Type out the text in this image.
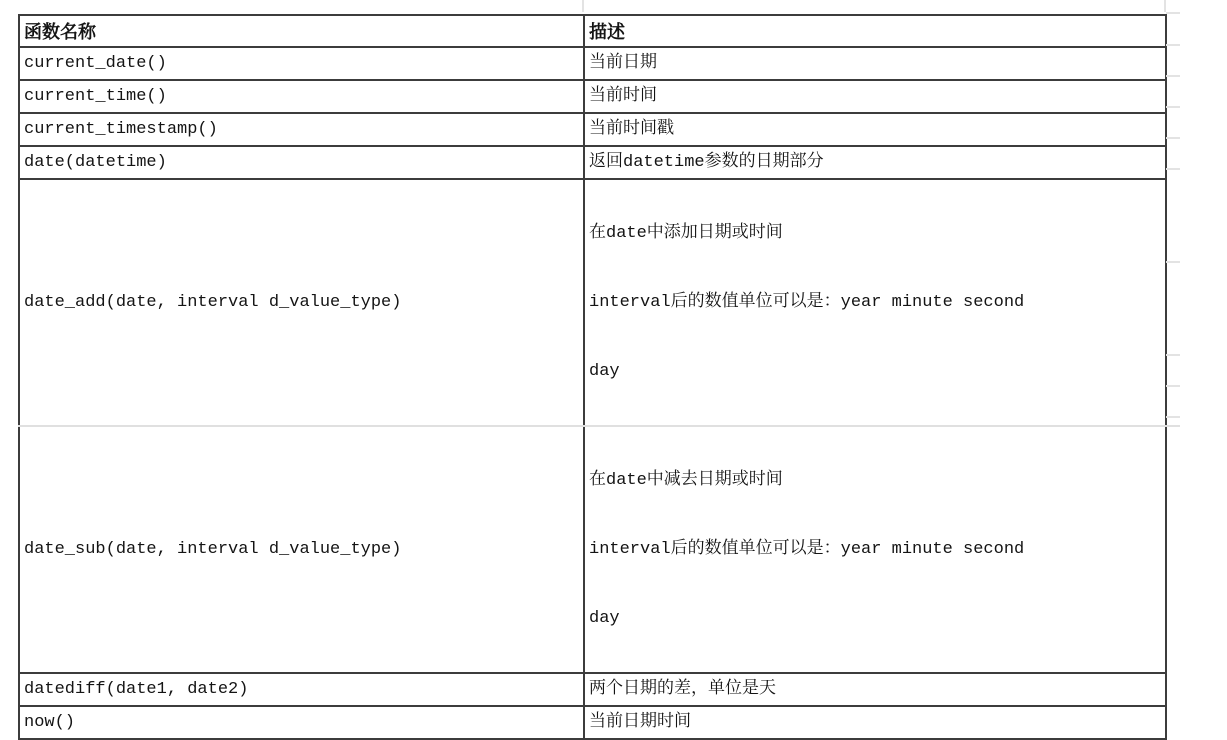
函数名称	描述
current_date()	当前日期

current_time()	当前时间

current_timestamp()	当前时间戳

date(datetime)	返回datetime参数的日期部分

date_add(date, interval d_value_type)	在date中添加日期或时间

interval后的数值单位可以是：year minute second

day

date_sub(date, interval d_value_type)	在date中减去日期或时间

interval后的数值单位可以是：year minute second

day

datediff(date1, date2)	两个日期的差，单位是天

now()	当前日期时间
